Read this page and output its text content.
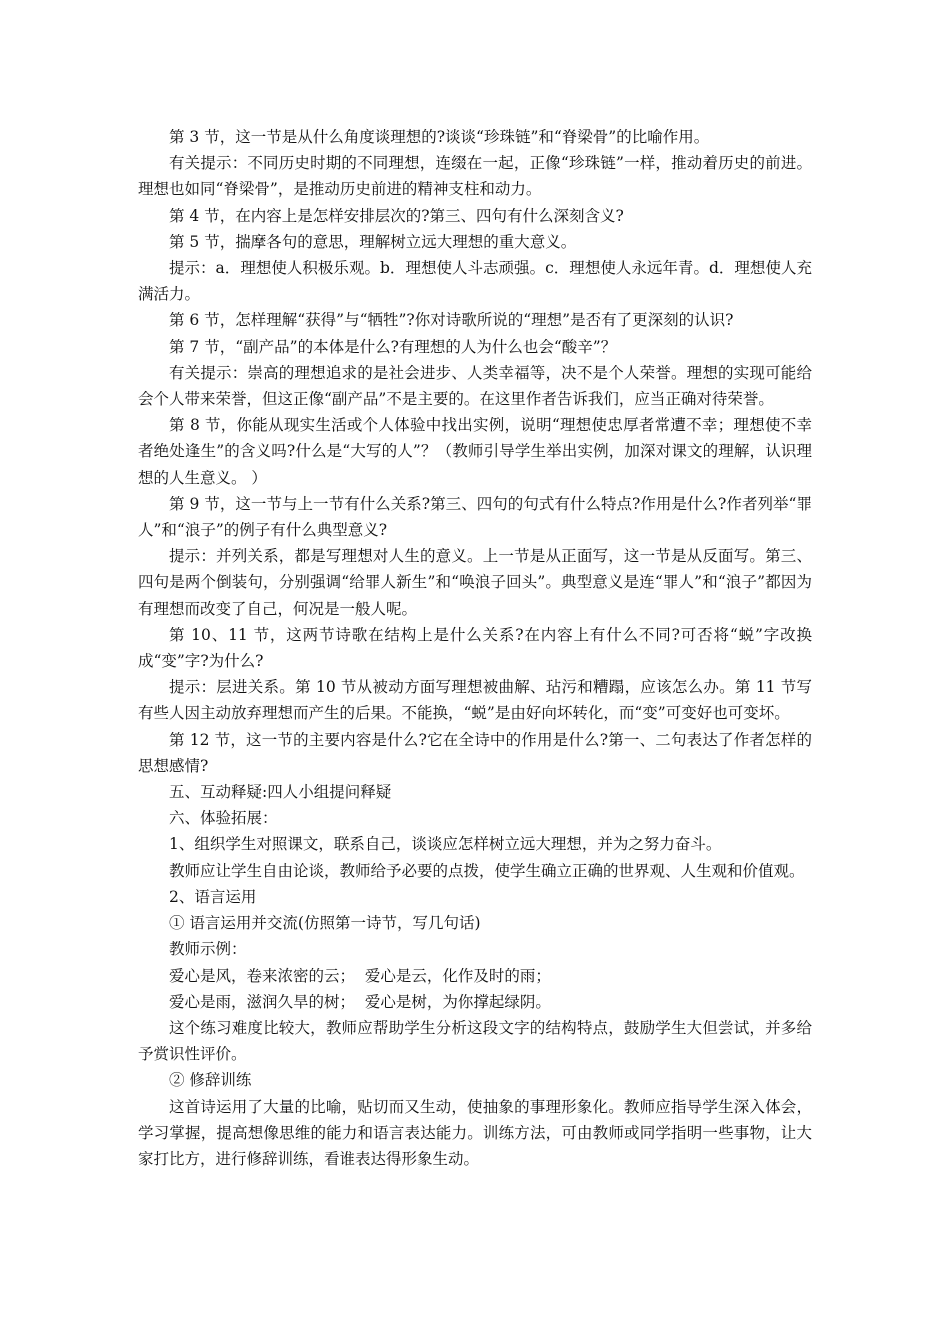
第 3 节，这一节是从什么角度谈理想的?谈谈“珍珠链”和“脊梁骨”的比喻作用。

有关提示：不同历史时期的不同理想，连缀在一起，正像“珍珠链”一样，推动着历史的前进。理想也如同“脊梁骨”，是推动历史前进的精神支柱和动力。

第 4 节，在内容上是怎样安排层次的?第三、四句有什么深刻含义?

第 5 节，揣摩各句的意思，理解树立远大理想的重大意义。

提示：a．理想使人积极乐观。b．理想使人斗志顽强。c．理想使人永远年青。d．理想使人充满活力。

第 6 节，怎样理解“获得”与“牺牲”?你对诗歌所说的“理想”是否有了更深刻的认识?

第 7 节，“副产品”的本体是什么?有理想的人为什么也会“酸辛”？

有关提示：崇高的理想追求的是社会进步、人类幸福等，决不是个人荣誉。理想的实现可能给会个人带来荣誉，但这正像“副产品”不是主要的。在这里作者告诉我们，应当正确对待荣誉。

第 8 节，你能从现实生活或个人体验中找出实例，说明“理想使忠厚者常遭不幸；理想使不幸者绝处逢生”的含义吗?什么是“大写的人”？（教师引导学生举出实例，加深对课文的理解，认识理想的人生意义。 ）

第 9 节，这一节与上一节有什么关系?第三、四句的句式有什么特点?作用是什么?作者列举“罪人”和“浪子”的例子有什么典型意义?

提示：并列关系，都是写理想对人生的意义。上一节是从正面写，这一节是从反面写。第三、四句是两个倒装句，分别强调“给罪人新生”和“唤浪子回头”。典型意义是连“罪人”和“浪子”都因为有理想而改变了自己，何况是一般人呢。

第 10、11 节，这两节诗歌在结构上是什么关系?在内容上有什么不同?可否将“蜕”字改换成“变”字?为什么?

提示：层进关系。第 10 节从被动方面写理想被曲解、玷污和糟蹋，应该怎么办。第 11 节写有些人因主动放弃理想而产生的后果。不能换，“蜕”是由好向坏转化，而“变”可变好也可变坏。

第 12 节，这一节的主要内容是什么?它在全诗中的作用是什么?第一、二句表达了作者怎样的思想感情?

五、互动释疑:四人小组提问释疑

六、体验拓展：

1、组织学生对照课文，联系自己，谈谈应怎样树立远大理想，并为之努力奋斗。

教师应让学生自由论谈，教师给予必要的点拨，使学生确立正确的世界观、人生观和价值观。

2、语言运用

① 语言运用并交流(仿照第一诗节，写几句话)

教师示例：

爱心是风，卷来浓密的云；  爱心是云，化作及时的雨；

爱心是雨，滋润久旱的树；  爱心是树，为你撑起绿阴。

这个练习难度比较大，教师应帮助学生分析这段文字的结构特点，鼓励学生大但尝试，并多给予赏识性评价。

② 修辞训练

这首诗运用了大量的比喻，贴切而又生动，使抽象的事理形象化。教师应指导学生深入体会，学习掌握，提高想像思维的能力和语言表达能力。训练方法，可由教师或同学指明一些事物，让大家打比方，进行修辞训练，看谁表达得形象生动。
